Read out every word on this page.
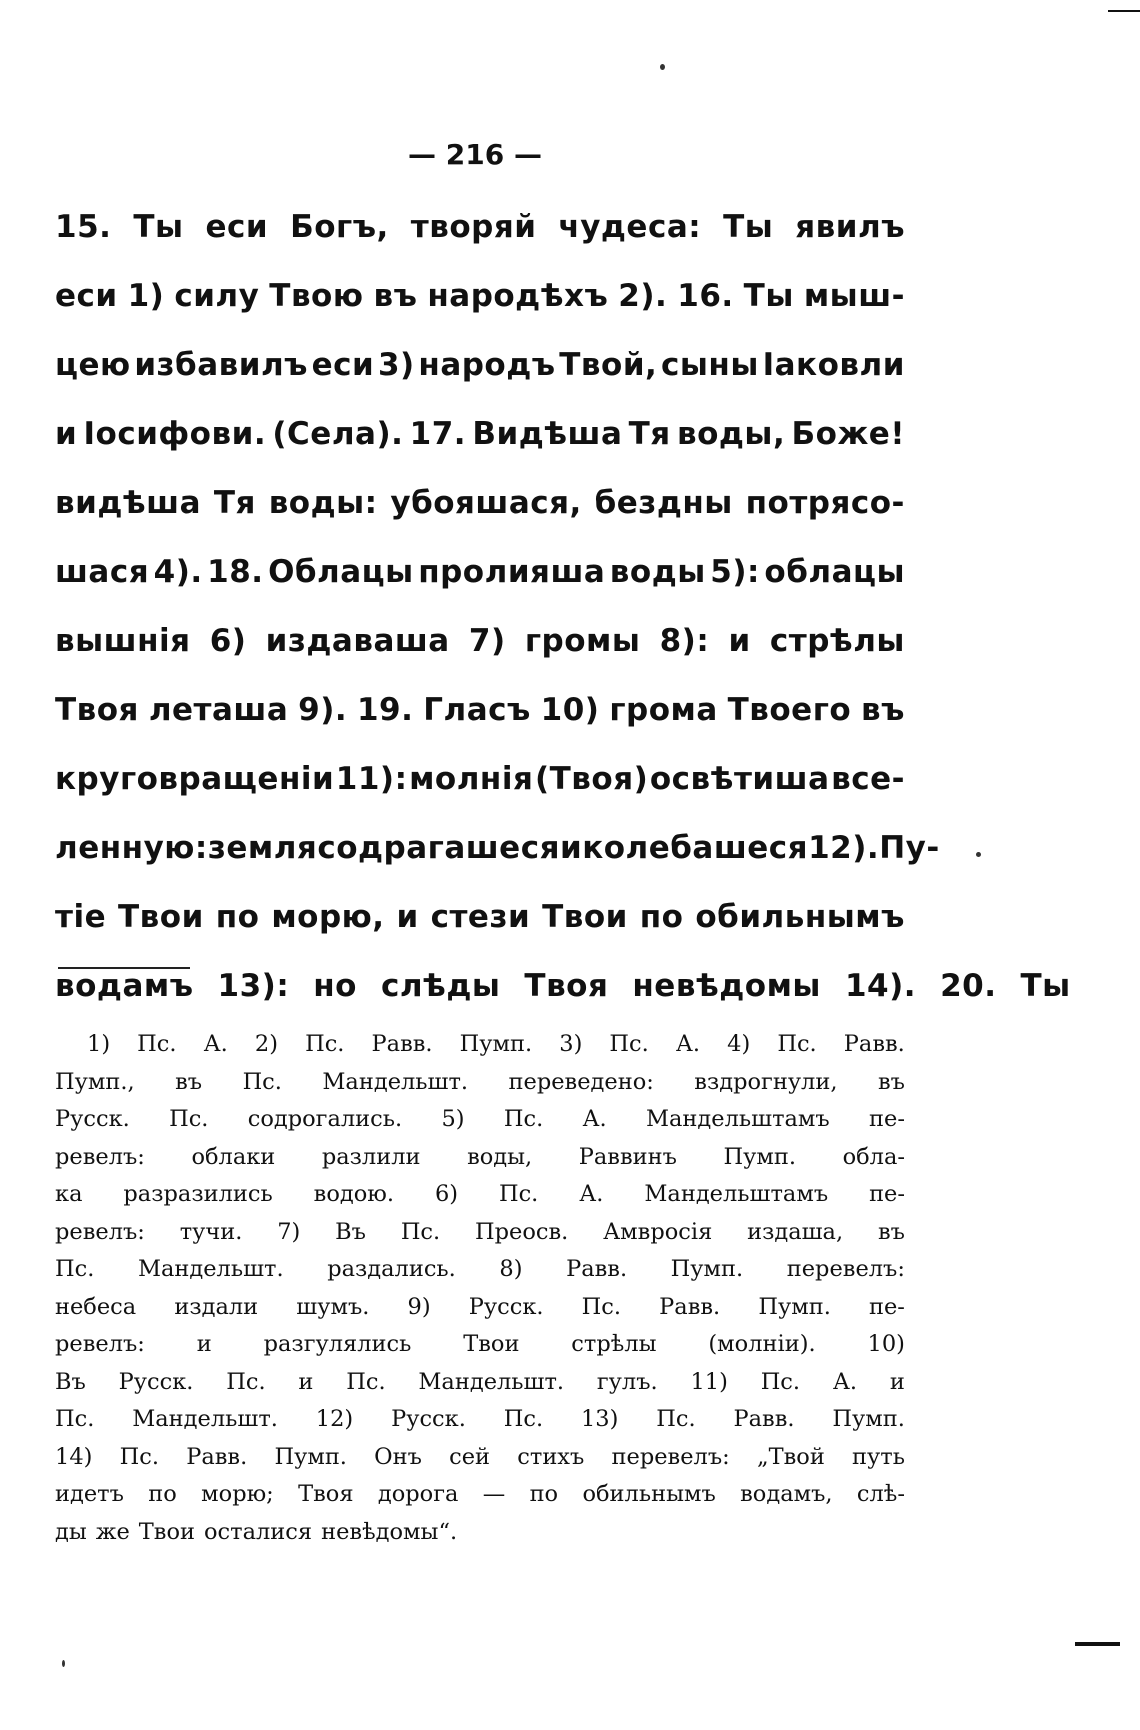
— 216 —
15. Ты еси Богъ, творяй чудеса: Ты явилъ
еси 1) силу Твою въ народѣхъ 2). 16. Ты мыш-
цею избавилъ еси 3) народъ Твой, сыны Іаковли
и Іосифови. (Села). 17. Видѣша Тя воды, Боже!
видѣша Тя воды: убояшася, бездны потрясо-
шася 4). 18. Облацы пролияша воды 5): облацы
вышнія 6) издаваша 7) громы 8): и стрѣлы
Твоя леташа 9). 19. Гласъ 10) грома Твоего въ
круговращеніи 11): молнія (Твоя) освѣтиша все-
ленную: земля содрагашеся и колебашеся 12). Пу-
тіе Твои по морю, и стези Твои по обильнымъ
водамъ 13): но слѣды Твоя невѣдомы 14). 20. Ты
1) Пс. А. 2) Пс. Равв. Пумп. 3) Пс. А. 4) Пс. Равв.
Пумп., въ Пс. Мандельшт. переведено: вздрогнули, въ
Русск. Пс. содрогались. 5) Пс. А. Мандельштамъ пе-
ревелъ: облаки разлили воды, Раввинъ Пумп. обла-
ка разразились водою. 6) Пс. А. Мандельштамъ пе-
ревелъ: тучи. 7) Въ Пс. Преосв. Амвросія издаша, въ
Пс. Мандельшт. раздались. 8) Равв. Пумп. перевелъ:
небеса издали шумъ. 9) Русск. Пс. Равв. Пумп. пе-
ревелъ: и разгулялись Твои стрѣлы (молніи). 10)
Въ Русск. Пс. и Пс. Мандельшт. гулъ. 11) Пс. А. и
Пс. Мандельшт. 12) Русск. Пс. 13) Пс. Равв. Пумп.
14) Пс. Равв. Пумп. Онъ сей стихъ перевелъ: „Твой путь
идетъ по морю; Твоя дорога — по обильнымъ водамъ, слѣ-
ды же Твои осталися невѣдомы“.
